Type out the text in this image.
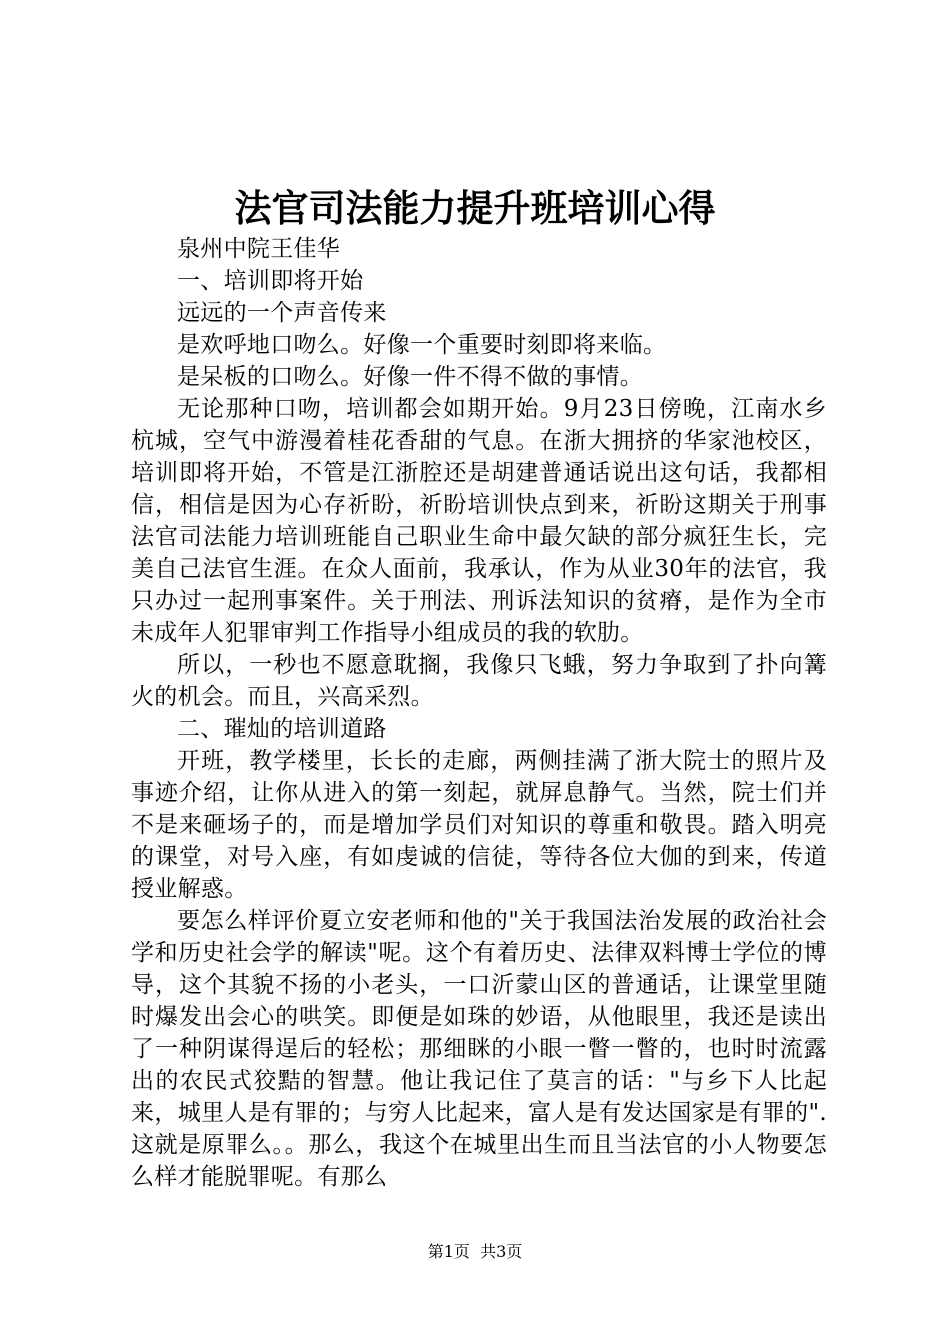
法官司法能力提升班培训心得

泉州中院王佳华

一、培训即将开始

远远的一个声音传来

是欢呼地口吻么。好像一个重要时刻即将来临。

是呆板的口吻么。好像一件不得不做的事情。

无论那种口吻，培训都会如期开始。9月23日傍晚，江南水乡杭城，空气中游漫着桂花香甜的气息。在浙大拥挤的华家池校区，培训即将开始，不管是江浙腔还是胡建普通话说出这句话，我都相信，相信是因为心存祈盼，祈盼培训快点到来，祈盼这期关于刑事法官司法能力培训班能自己职业生命中最欠缺的部分疯狂生长，完美自己法官生涯。在众人面前，我承认，作为从业30年的法官，我只办过一起刑事案件。关于刑法、刑诉法知识的贫瘠，是作为全市未成年人犯罪审判工作指导小组成员的我的软肋。

所以，一秒也不愿意耽搁，我像只飞蛾，努力争取到了扑向篝火的机会。而且，兴高采烈。

二、璀灿的培训道路

开班，教学楼里，长长的走廊，两侧挂满了浙大院士的照片及事迹介绍，让你从进入的第一刻起，就屏息静气。当然，院士们并不是来砸场子的，而是增加学员们对知识的尊重和敬畏。踏入明亮的课堂，对号入座，有如虔诚的信徒，等待各位大伽的到来，传道授业解惑。

要怎么样评价夏立安老师和他的"关于我国法治发展的政治社会学和历史社会学的解读"呢。这个有着历史、法律双料博士学位的博导，这个其貌不扬的小老头，一口沂蒙山区的普通话，让课堂里随时爆发出会心的哄笑。即便是如珠的妙语，从他眼里，我还是读出了一种阴谋得逞后的轻松；那细眯的小眼一瞥一瞥的，也时时流露出的农民式狡黠的智慧。他让我记住了莫言的话："与乡下人比起来，城里人是有罪的；与穷人比起来，富人是有发达国家是有罪的".这就是原罪么。。那么，我这个在城里出生而且当法官的小人物要怎么样才能脱罪呢。有那么

第1页  共3页
